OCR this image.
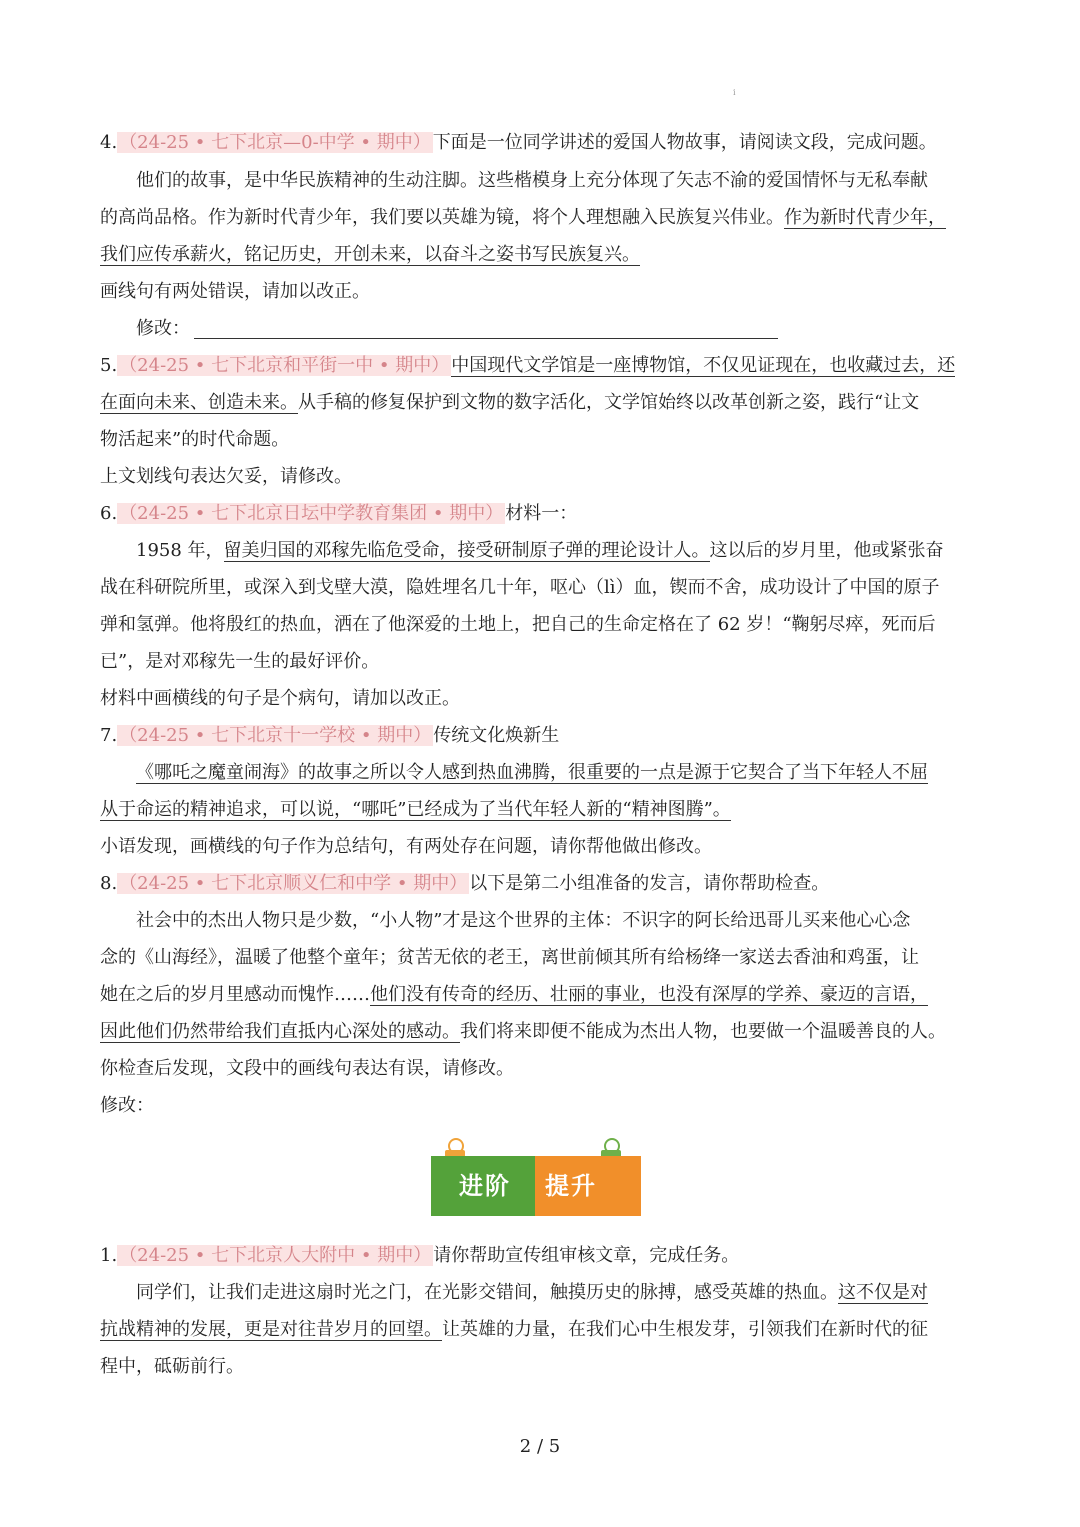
i
4. （24-25 • 七下北京—0-中学 • 期中） 下面是一位同学讲述的爱国人物故事，请阅读文段，完成问题。
他们的故事，是中华民族精神的生动注脚。这些楷模身上充分体现了矢志不渝的爱国情怀与无私奉献
的高尚品格。作为新时代青少年，我们要以英雄为镜，将个人理想融入民族复兴伟业。作为新时代青少年，
我们应传承薪火，铭记历史，开创未来，以奋斗之姿书写民族复兴。
画线句有两处错误，请加以改正。
修改：
5. （24-25 • 七下北京和平街一中 • 期中） 中国现代文学馆是一座博物馆，不仅见证现在，也收藏过去，还
在面向未来、创造未来。从手稿的修复保护到文物的数字活化，文学馆始终以改革创新之姿，践行“让文
物活起来”的时代命题。
上文划线句表达欠妥，请修改。
6. （24-25 • 七下北京日坛中学教育集团 • 期中） 材料一：
1958 年，留美归国的邓稼先临危受命，接受研制原子弹的理论设计人。这以后的岁月里，他或紧张奋
战在科研院所里，或深入到戈壁大漠，隐姓埋名几十年，呕心（lì）血，锲而不舍，成功设计了中国的原子
弹和氢弹。他将殷红的热血，洒在了他深爱的土地上，把自己的生命定格在了 62 岁！“鞠躬尽瘁，死而后
已”，是对邓稼先一生的最好评价。
材料中画横线的句子是个病句，请加以改正。
7. （24-25 • 七下北京十一学校 • 期中） 传统文化焕新生
《哪吒之魔童闹海》的故事之所以令人感到热血沸腾，很重要的一点是源于它契合了当下年轻人不屈
从于命运的精神追求，可以说，“哪吒”已经成为了当代年轻人新的“精神图腾”。
小语发现，画横线的句子作为总结句，有两处存在问题，请你帮他做出修改。
8. （24-25 • 七下北京顺义仁和中学 • 期中） 以下是第二小组准备的发言，请你帮助检查。
社会中的杰出人物只是少数，“小人物”才是这个世界的主体：不识字的阿长给迅哥儿买来他心心念
念的《山海经》，温暖了他整个童年；贫苦无依的老王，离世前倾其所有给杨绛一家送去香油和鸡蛋，让
她在之后的岁月里感动而愧怍……他们没有传奇的经历、壮丽的事业，也没有深厚的学养、豪迈的言语，
因此他们仍然带给我们直抵内心深处的感动。我们将来即便不能成为杰出人物，也要做一个温暖善良的人。
你检查后发现，文段中的画线句表达有误，请修改。
修改：
进阶 提升
1. （24-25 • 七下北京人大附中 • 期中） 请你帮助宣传组审核文章，完成任务。
同学们，让我们走进这扇时光之门，在光影交错间，触摸历史的脉搏，感受英雄的热血。这不仅是对
抗战精神的发展，更是对往昔岁月的回望。让英雄的力量，在我们心中生根发芽，引领我们在新时代的征
程中，砥砺前行。
2 / 5
